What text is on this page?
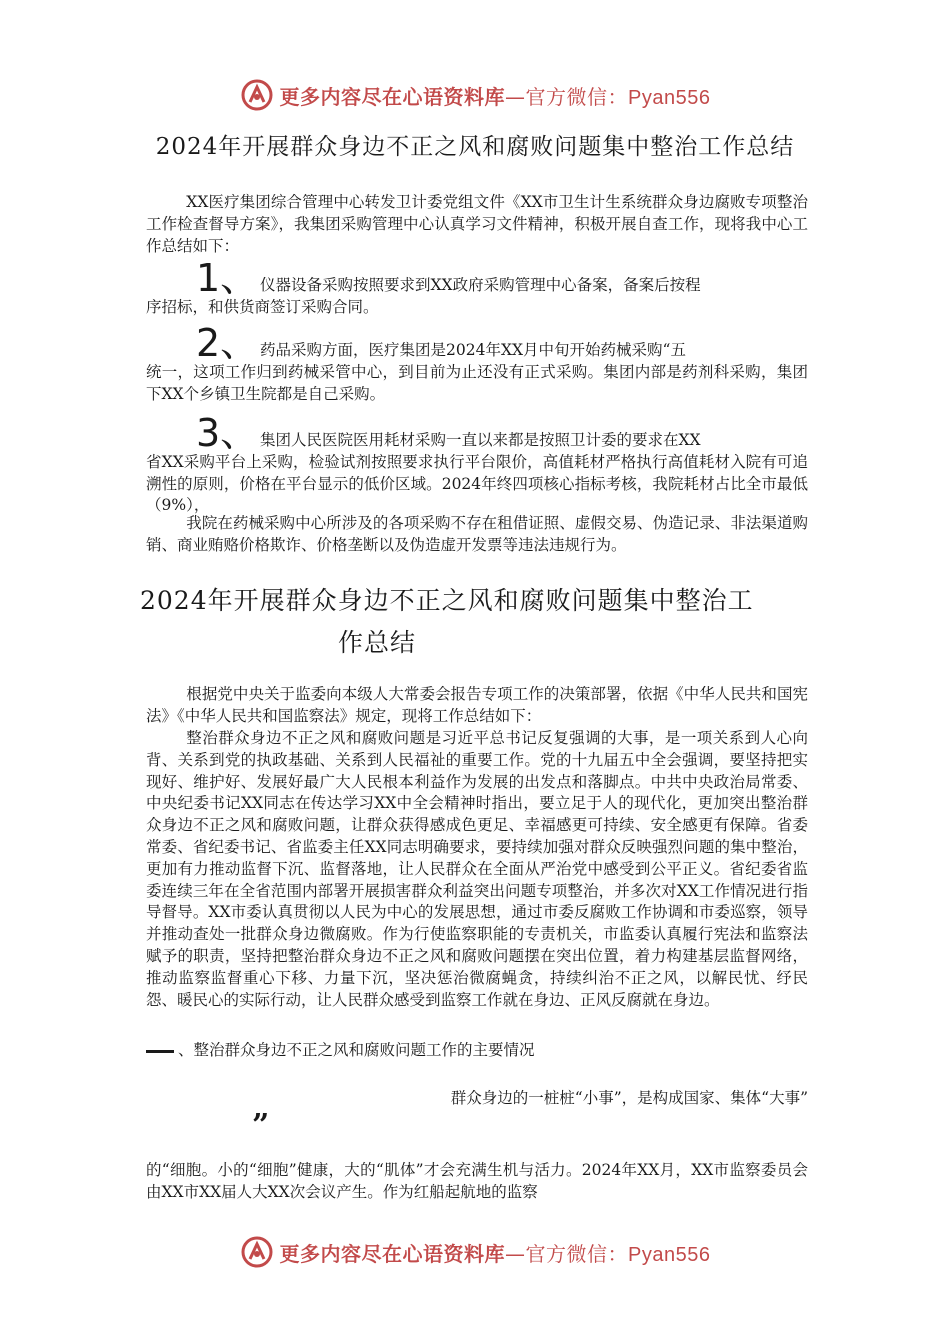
更多内容尽在心语资料库—官方微信：Pyan556
2024年开展群众身边不正之风和腐败问题集中整治工作总结
XX医疗集团综合管理中心转发卫计委党组文件《XX市卫生计生系统群众身边腐败专项整治工作检查督导方案》，我集团采购管理中心认真学习文件精神，积极开展自查工作，现将我中心工作总结如下：
1、 仪器设备采购按照要求到XX政府采购管理中心备案，备案后按程
序招标，和供货商签订采购合同。
2、 药品采购方面，医疗集团是2024年XX月中旬开始药械采购“五
统一，这项工作归到药械采管中心，到目前为止还没有正式采购。集团内部是药剂科采购，集团下XX个乡镇卫生院都是自己采购。
3、 集团人民医院医用耗材采购一直以来都是按照卫计委的要求在XX
省XX采购平台上采购，检验试剂按照要求执行平台限价，高值耗材严格执行高值耗材入院有可追溯性的原则，价格在平台显示的低价区域。2024年终四项核心指标考核，我院耗材占比全市最低（9%），
我院在药械采购中心所涉及的各项采购不存在租借证照、虚假交易、伪造记录、非法渠道购销、商业贿赂价格欺诈、价格垄断以及伪造虚开发票等违法违规行为。
2024年开展群众身边不正之风和腐败问题集中整治工
作总结
根据党中央关于监委向本级人大常委会报告专项工作的决策部署，依据《中华人民共和国宪法》《中华人民共和国监察法》规定，现将工作总结如下：
整治群众身边不正之风和腐败问题是习近平总书记反复强调的大事，是一项关系到人心向背、关系到党的执政基础、关系到人民福祉的重要工作。党的十九届五中全会强调，要坚持把实现好、维护好、发展好最广大人民根本利益作为发展的出发点和落脚点。中共中央政治局常委、中央纪委书记XX同志在传达学习XX中全会精神时指出，要立足于人的现代化，更加突出整治群众身边不正之风和腐败问题，让群众获得感成色更足、幸福感更可持续、安全感更有保障。省委常委、省纪委书记、省监委主任XX同志明确要求，要持续加强对群众反映强烈问题的集中整治，更加有力推动监督下沉、监督落地，让人民群众在全面从严治党中感受到公平正义。省纪委省监委连续三年在全省范围内部署开展损害群众利益突出问题专项整治，并多次对XX工作情况进行指导督导。XX市委认真贯彻以人民为中心的发展思想，通过市委反腐败工作协调和市委巡察，领导并推动查处一批群众身边微腐败。作为行使监察职能的专责机关，市监委认真履行宪法和监察法赋予的职责，坚持把整治群众身边不正之风和腐败问题摆在突出位置，着力构建基层监督网络，推动监察监督重心下移、力量下沉，坚决惩治微腐蝇贪，持续纠治不正之风，以解民忧、纾民怨、暖民心的实际行动，让人民群众感受到监察工作就在身边、正风反腐就在身边。
、整治群众身边不正之风和腐败问题工作的主要情况
群众身边的一桩桩“小事”，是构成国家、集体“大事”
”
的“细胞。小的“细胞”健康，大的“肌体”才会充满生机与活力。2024年XX月，XX市监察委员会由XX市XX届人大XX次会议产生。作为红船起航地的监察
更多内容尽在心语资料库—官方微信：Pyan556
